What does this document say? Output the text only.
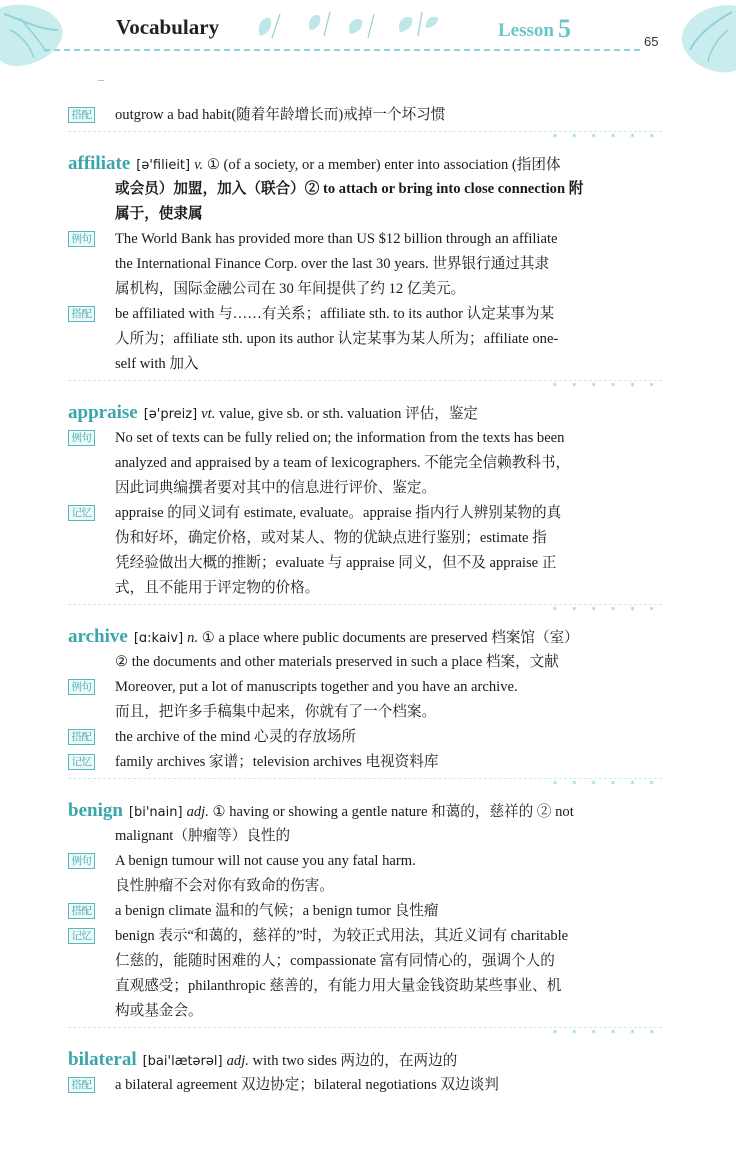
Vocabulary	Lesson 5	65
搭配 outgrow a bad habit(随着年龄增长而)戒掉一个坏习惯
* * * * * *
affiliate [ə'filieit] v. ① (of a society, or a member) enter into association (指团体
或会员）加盟，加入（联合）② to attach or bring into close connection 附
属于，使隶属
例句 The World Bank has provided more than US $12 billion through an affiliate
the International Finance Corp. over the last 30 years. 世界银行通过其隶
属机构，国际金融公司在 30 年间提供了约 12 亿美元。
搭配 be affiliated with 与……有关系；affiliate sth. to its author 认定某事为某
人所为；affiliate sth. upon its author 认定某事为某人所为；affiliate one-
self with 加入
* * * * * *
appraise [ə'preiz] vt. value, give sb. or sth. valuation 评估，鉴定
例句 No set of texts can be fully relied on; the information from the texts has been
analyzed and appraised by a team of lexicographers. 不能完全信赖教科书，
因此词典编撰者要对其中的信息进行评价、鉴定。
记忆 appraise 的同义词有 estimate, evaluate。appraise 指内行人辨别某物的真
伪和好坏，确定价格，或对某人、物的优缺点进行鉴别；estimate 指
凭经验做出大概的推断；evaluate 与 appraise 同义，但不及 appraise 正
式，且不能用于评定物的价格。
* * * * * *
archive [ɑ:kaiv] n. ① a place where public documents are preserved 档案馆（室）
② the documents and other materials preserved in such a place 档案，文献
例句 Moreover, put a lot of manuscripts together and you have an archive.
而且，把许多手稿集中起来，你就有了一个档案。
搭配 the archive of the mind 心灵的存放场所
记忆 family archives 家谱；television archives 电视资料库
* * * * * *
benign [bi'nain] adj. ① having or showing a gentle nature 和蔼的，慈祥的 ② not
malignant（肿瘤等）良性的
例句 A benign tumour will not cause you any fatal harm.
良性肿瘤不会对你有致命的伤害。
搭配 a benign climate 温和的气候；a benign tumor 良性瘤
记忆 benign 表示“和蔼的，慈祥的”时，为较正式用法，其近义词有 charitable
仁慈的，能随时困难的人；compassionate 富有同情心的，强调个人的
直观感受；philanthropic 慈善的，有能力用大量金钱资助某些事业、机
构或基金会。
* * * * * *
bilateral [bai'lætərəl] adj. with two sides 两边的，在两边的
搭配 a bilateral agreement 双边协定；bilateral negotiations 双边谈判
